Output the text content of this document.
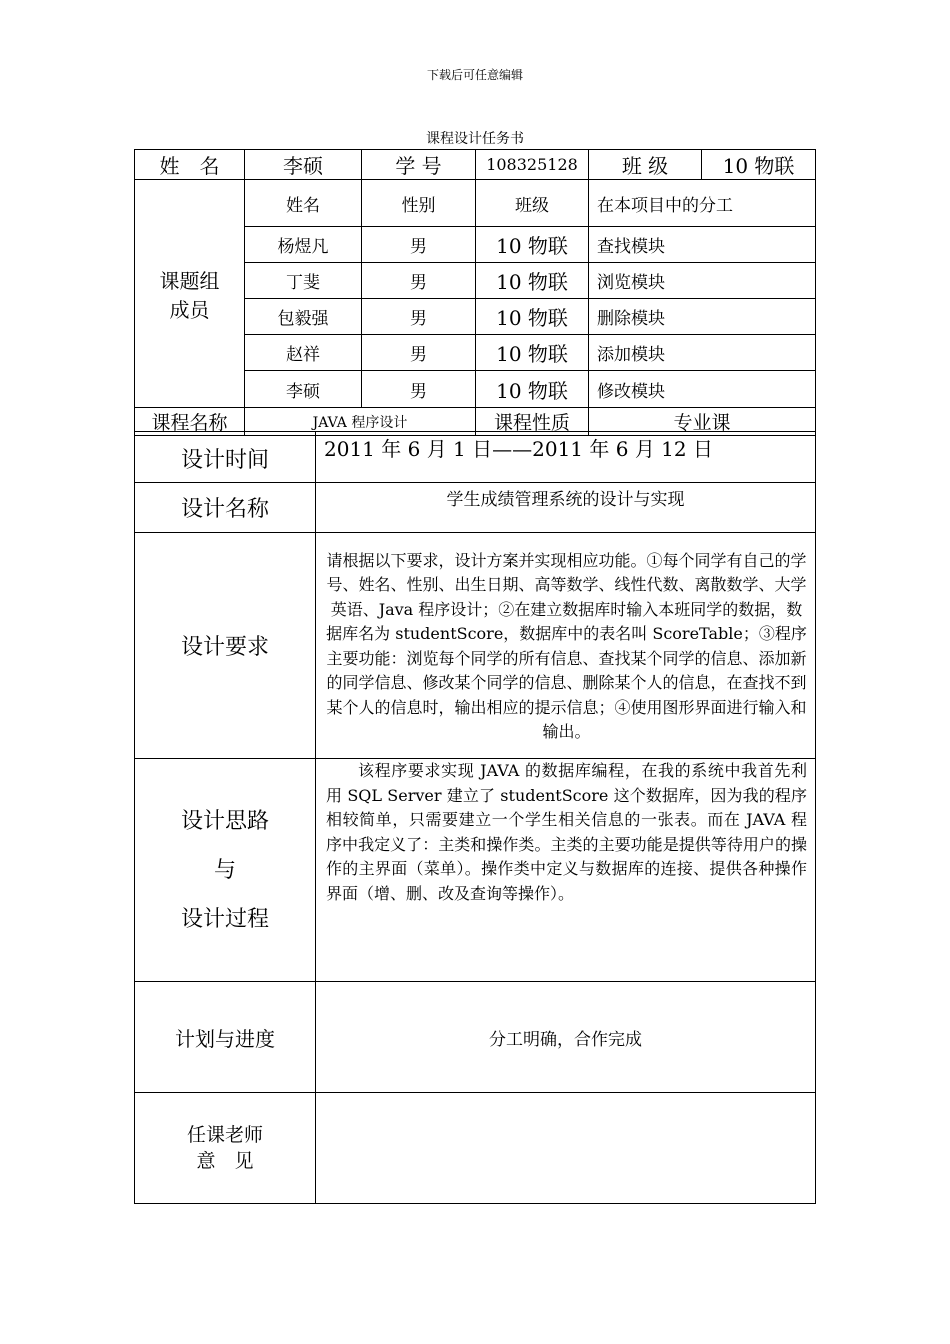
下载后可任意编辑
课程设计任务书
姓　名	李硕	学 号	108325128	班 级	10 物联

课题组
成员	姓名	性别	班级	在本项目中的分工	
	杨煜凡	男	10 物联	查找模块	
	丁斐	男	10 物联	浏览模块	
	包毅强	男	10 物联	删除模块	
	赵祥	男	10 物联	添加模块	
	李硕	男	10 物联	修改模块	
课程名称	JAVA 程序设计		课程性质	专业课	
设计时间	2011 年 6 月 1 日——2011 年 6 月 12 日
设计名称	学生成绩管理系统的设计与实现
设计要求	请根据以下要求，设计方案并实现相应功能。①每个同学有自己的学号、姓名、性别、出生日期、高等数学、线性代数、离散数学、大学英语、Java 程序设计；②在建立数据库时输入本班同学的数据，数据库名为 studentScore，数据库中的表名叫 ScoreTable；③程序主要功能：浏览每个同学的所有信息、查找某个同学的信息、添加新的同学信息、修改某个同学的信息、删除某个人的信息，在查找不到某个人的信息时，输出相应的提示信息；④使用图形界面进行输入和输出。

设计思路
与
设计过程	该程序要求实现 JAVA 的数据库编程，在我的系统中我首先利用 SQL Server 建立了 studentScore 这个数据库，因为我的程序相较简单，只需要建立一个学生相关信息的一张表。而在 JAVA 程序中我定义了：主类和操作类。主类的主要功能是提供等待用户的操作的主界面（菜单）。操作类中定义与数据库的连接、提供各种操作界面（增、删、改及查询等操作）。

计划与进度	分工明确，合作完成

任课老师
意　见	
